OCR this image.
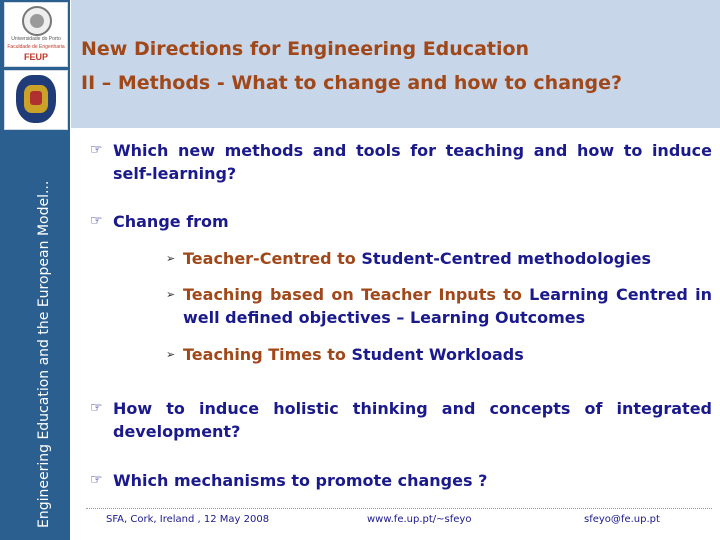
Universidade do Porto
Faculdade de Engenharia
FEUP
Engineering Education and the European Model...
New Directions for Engineering Education
II – Methods - What to change and how to change?
☞ Which new methods and tools for teaching and how to induce self-learning?
☞ Change from
➢ Teacher-Centred to Student-Centred methodologies
➢ Teaching based on Teacher Inputs to Learning Centred in well defined objectives – Learning Outcomes
➢ Teaching Times to Student Workloads
☞ How to induce holistic thinking and concepts of integrated development?
☞ Which mechanisms to promote changes ?
SFA, Cork, Ireland , 12 May 2008	www.fe.up.pt/~sfeyo	sfeyo@fe.up.pt
